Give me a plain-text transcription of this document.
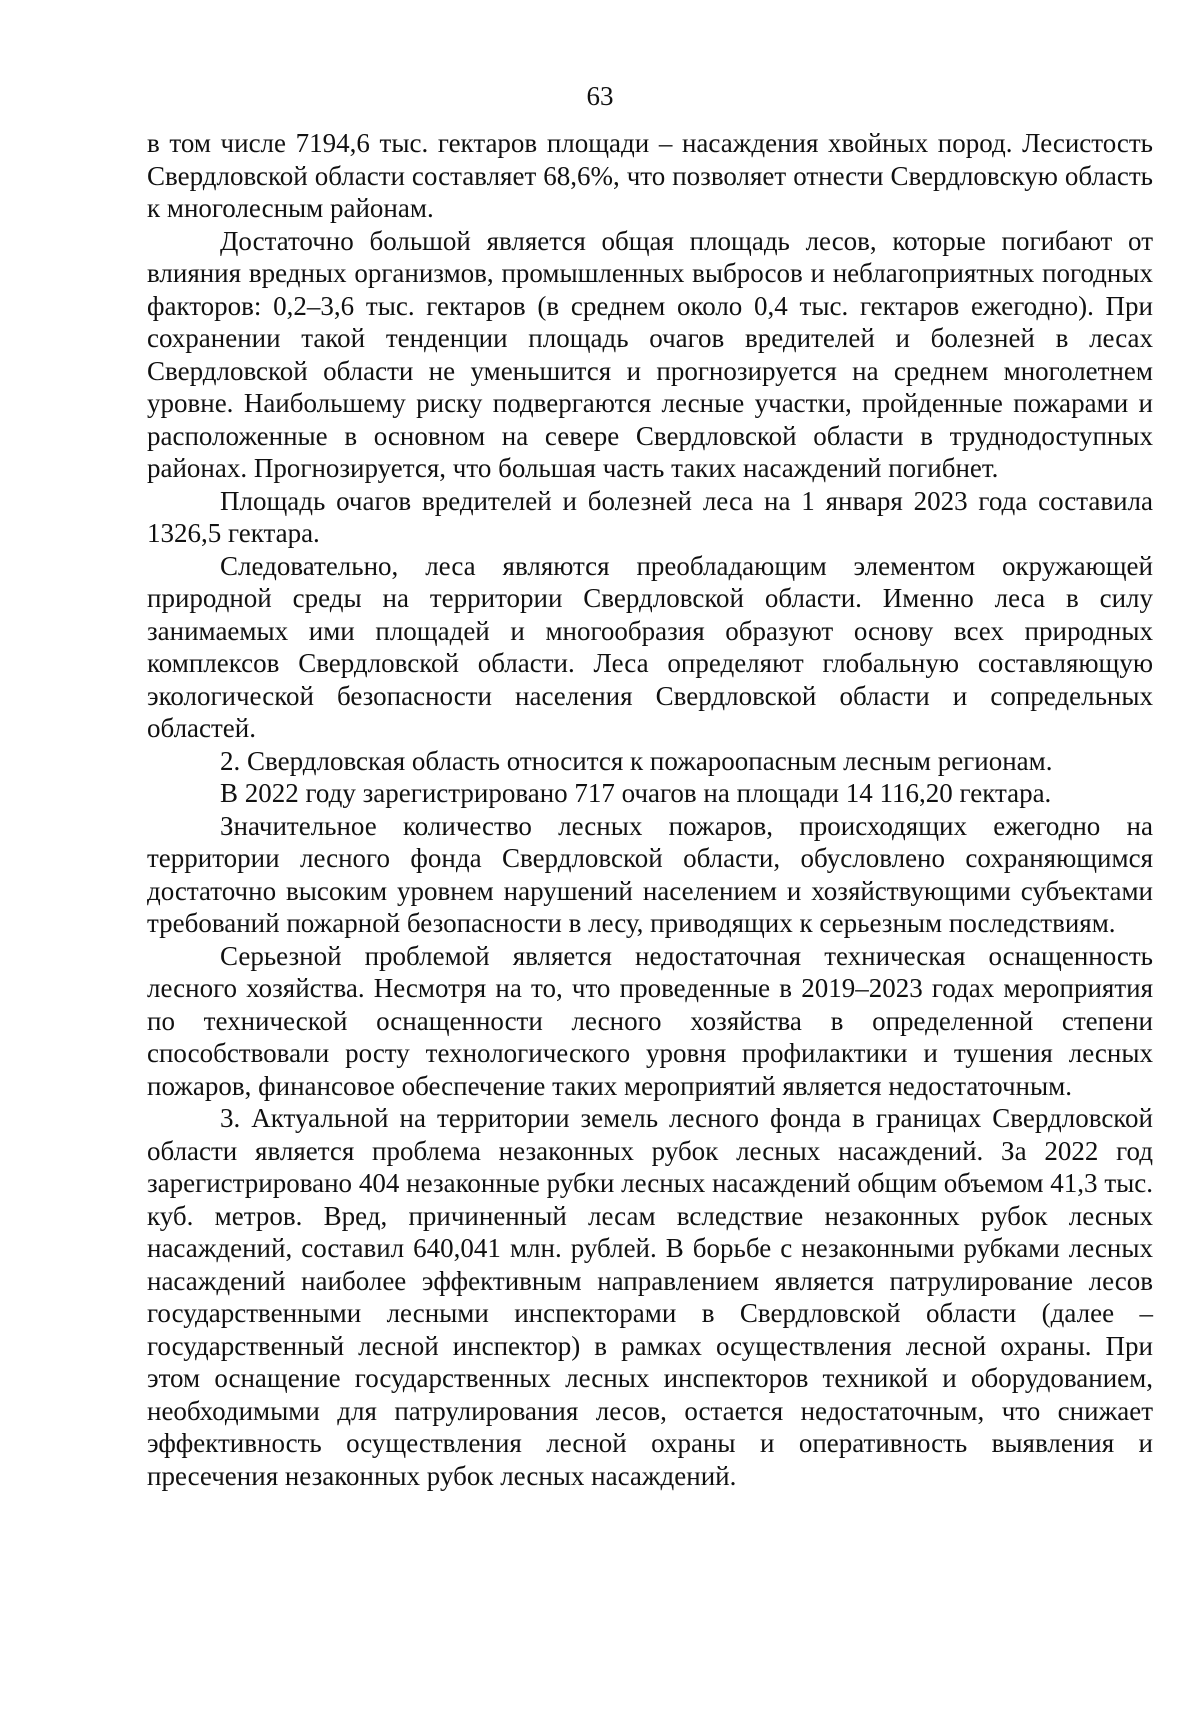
63

в том числе 7194,6 тыс. гектаров площади – насаждения хвойных пород. Лесистость Свердловской области составляет 68,6%, что позволяет отнести Свердловскую область к многолесным районам.

Достаточно большой является общая площадь лесов, которые погибают от влияния вредных организмов, промышленных выбросов и неблагоприятных погодных факторов: 0,2–3,6 тыс. гектаров (в среднем около 0,4 тыс. гектаров ежегодно). При сохранении такой тенденции площадь очагов вредителей и болезней в лесах Свердловской области не уменьшится и прогнозируется на среднем многолетнем уровне. Наибольшему риску подвергаются лесные участки, пройденные пожарами и расположенные в основном на севере Свердловской области в труднодоступных районах. Прогнозируется, что большая часть таких насаждений погибнет.

Площадь очагов вредителей и болезней леса на 1 января 2023 года составила 1326,5 гектара.

Следовательно, леса являются преобладающим элементом окружающей природной среды на территории Свердловской области. Именно леса в силу занимаемых ими площадей и многообразия образуют основу всех природных комплексов Свердловской области. Леса определяют глобальную составляющую экологической безопасности населения Свердловской области и сопредельных областей.

2. Свердловская область относится к пожароопасным лесным регионам.

В 2022 году зарегистрировано 717 очагов на площади 14 116,20 гектара.

Значительное количество лесных пожаров, происходящих ежегодно на территории лесного фонда Свердловской области, обусловлено сохраняющимся достаточно высоким уровнем нарушений населением и хозяйствующими субъектами требований пожарной безопасности в лесу, приводящих к серьезным последствиям.

Серьезной проблемой является недостаточная техническая оснащенность лесного хозяйства. Несмотря на то, что проведенные в 2019–2023 годах мероприятия по технической оснащенности лесного хозяйства в определенной степени способствовали росту технологического уровня профилактики и тушения лесных пожаров, финансовое обеспечение таких мероприятий является недостаточным.

3. Актуальной на территории земель лесного фонда в границах Свердловской области является проблема незаконных рубок лесных насаждений. За 2022 год зарегистрировано 404 незаконные рубки лесных насаждений общим объемом 41,3 тыс. куб. метров. Вред, причиненный лесам вследствие незаконных рубок лесных насаждений, составил 640,041 млн. рублей. В борьбе с незаконными рубками лесных насаждений наиболее эффективным направлением является патрулирование лесов государственными лесными инспекторами в Свердловской области (далее – государственный лесной инспектор) в рамках осуществления лесной охраны. При этом оснащение государственных лесных инспекторов техникой и оборудованием, необходимыми для патрулирования лесов, остается недостаточным, что снижает эффективность осуществления лесной охраны и оперативность выявления и пресечения незаконных рубок лесных насаждений.
